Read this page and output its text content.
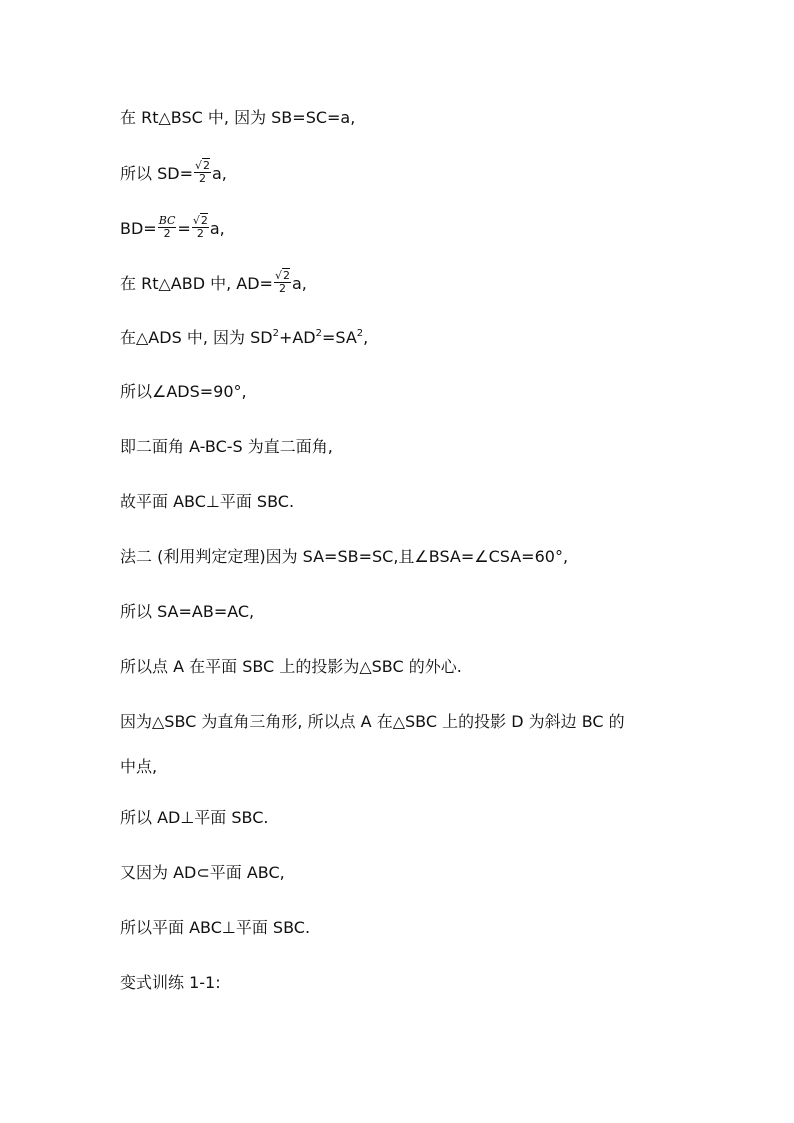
在 Rt△BSC 中, 因为 SB=SC=a,
所以 $SD= \frac{√2}{2} a$,
$BD= \frac{BC}{2} = \frac{√2}{2} a$,
在 Rt△ABD 中, $AD= \frac{√2}{2} a$,
在△ADS 中, 因为 $SD^2+AD^2=SA^2$,
所以∠ADS=90°,
即二面角 A-BC-S 为直二面角,
故平面 ABC⊥平面 SBC.
法二 (利用判定定理)因为 SA=SB=SC,且∠BSA=∠CSA=60°,
所以 SA=AB=AC,
所以点 A 在平面 SBC 上的投影为△SBC 的外心.
因为△SBC 为直角三角形, 所以点 A 在△SBC 上的投影 D 为斜边 BC 的
中点,
所以 AD⊥平面 SBC.
又因为 AD⊂平面 ABC,
所以平面 ABC⊥平面 SBC.
变式训练 1-1:
